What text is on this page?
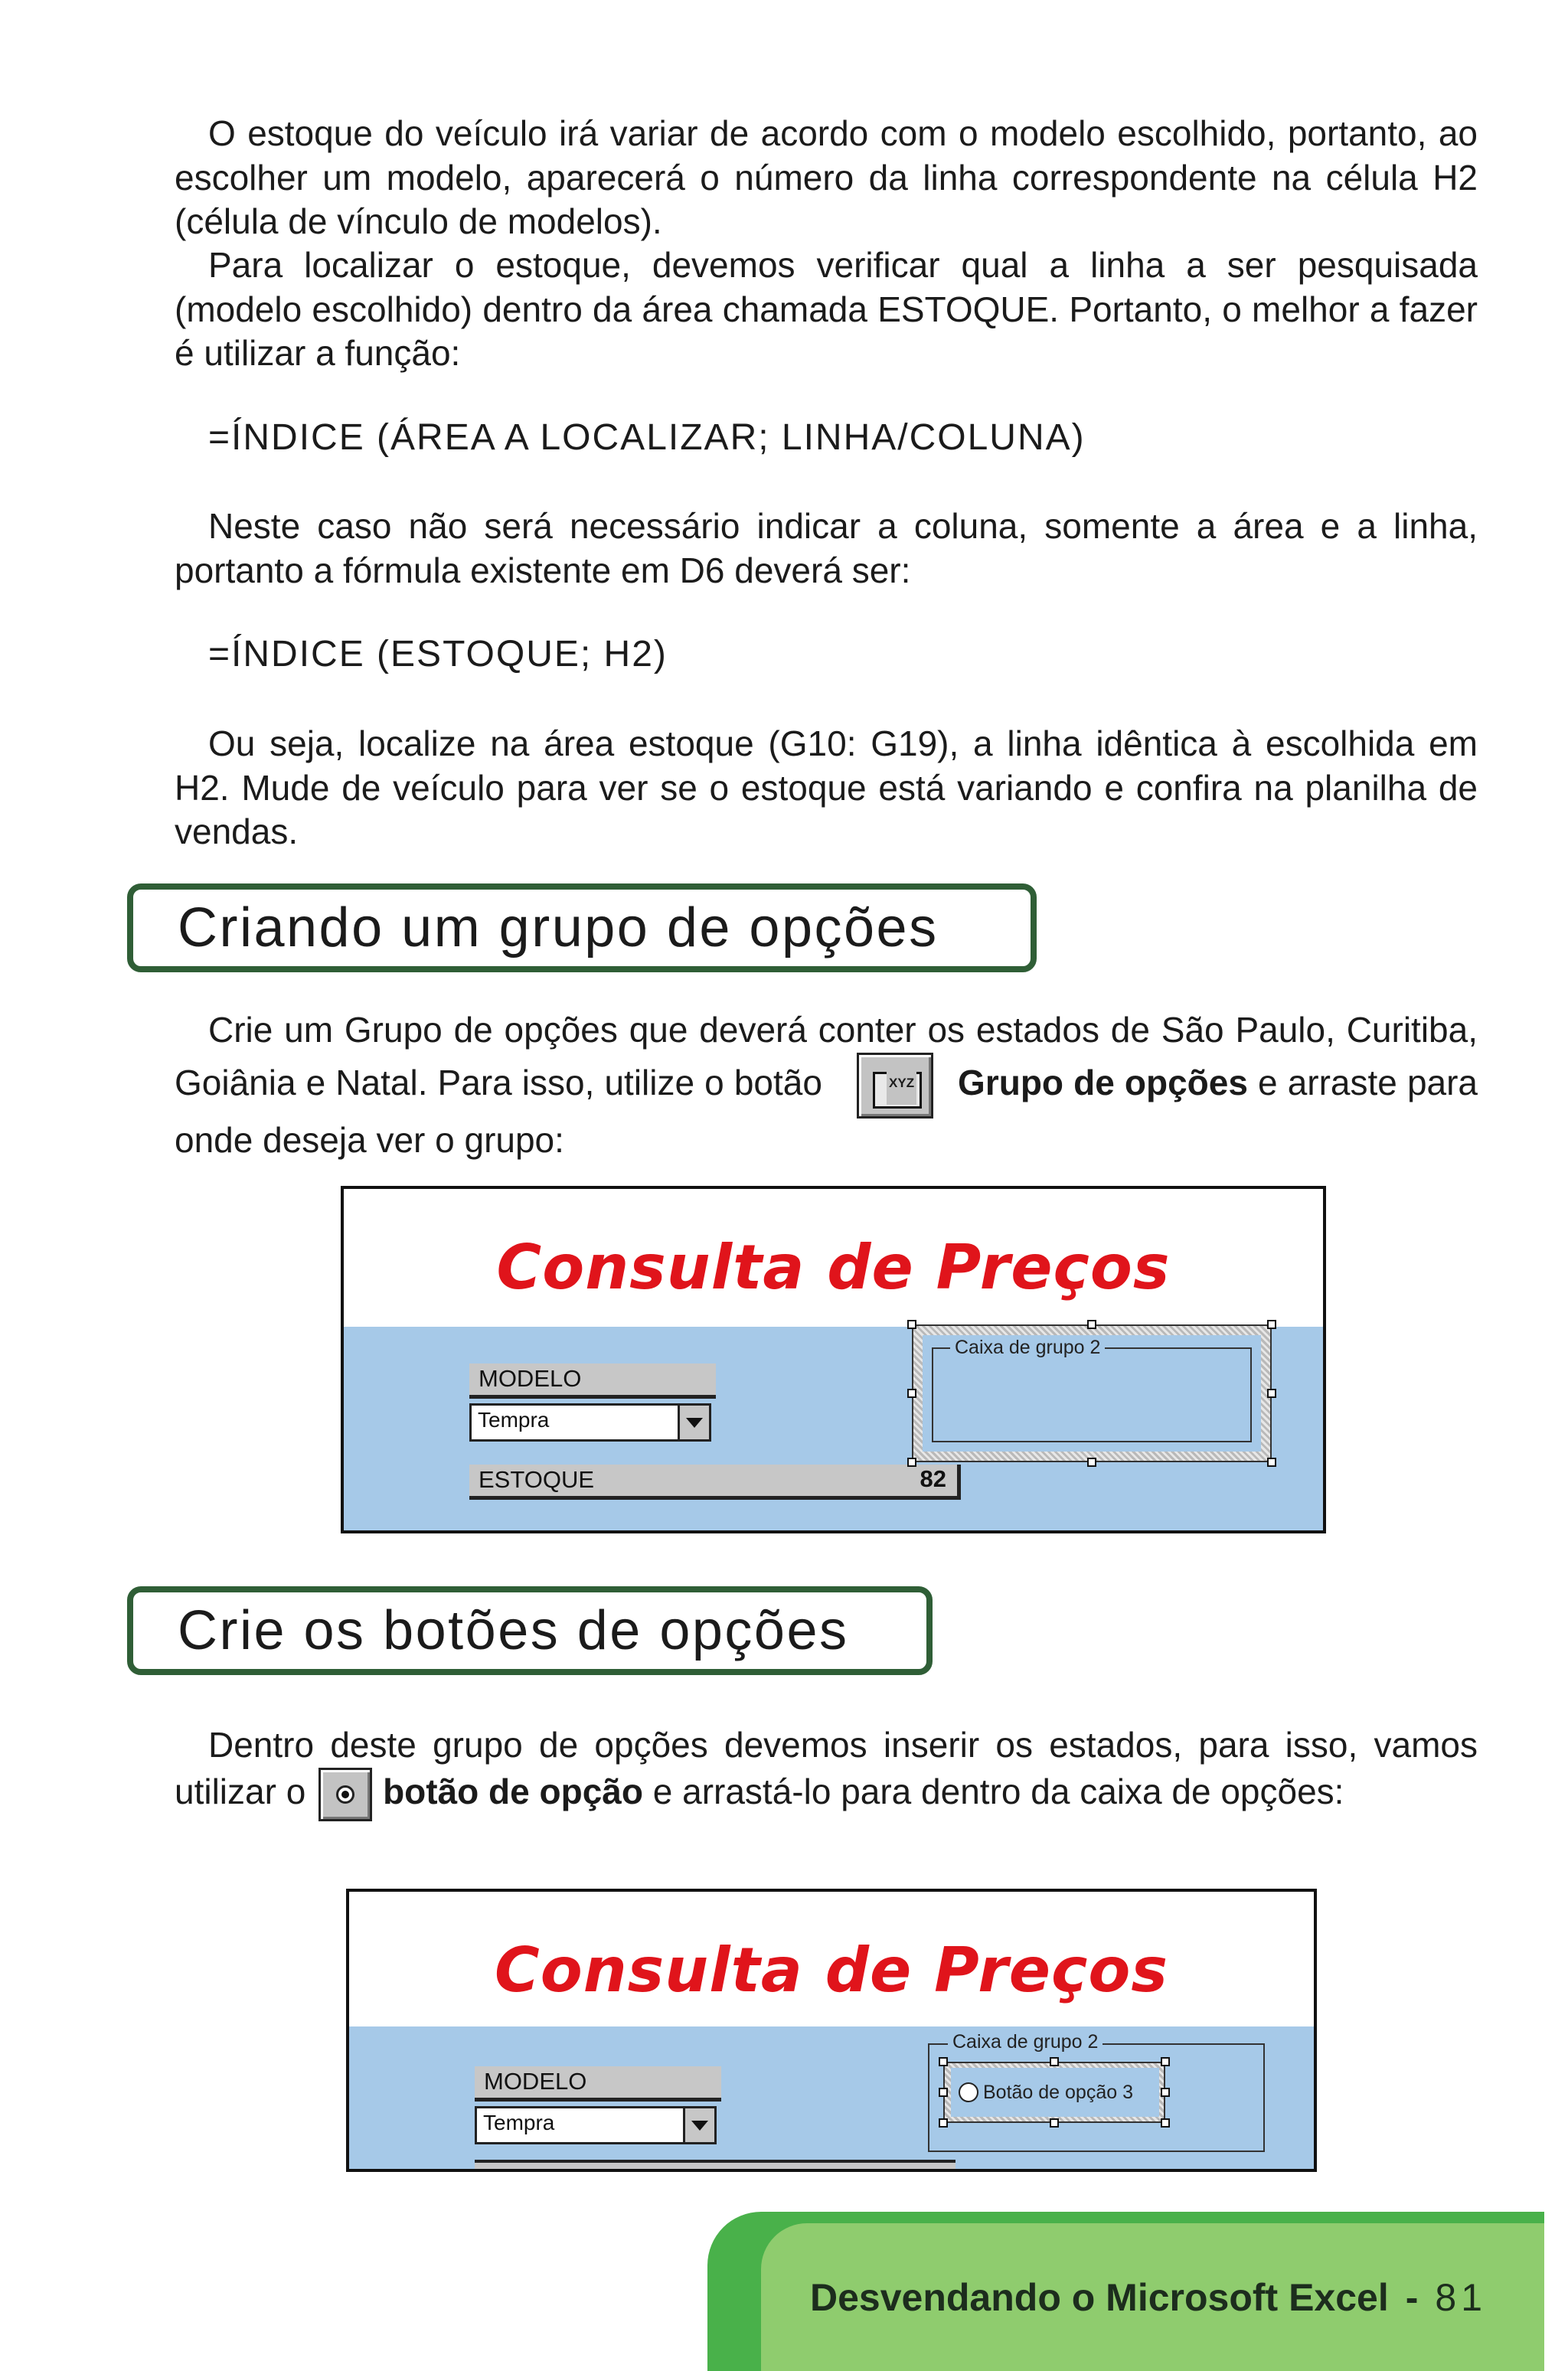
O estoque do veículo irá variar de acordo com o modelo escolhido, portanto, ao escolher um modelo, aparecerá o número da linha correspondente na célula H2 (célula de vínculo de modelos).

Para localizar o estoque, devemos verificar qual a linha a ser pesquisada (modelo escolhido) dentro da área chamada ESTOQUE. Portanto, o melhor a fazer é utilizar a função:

=ÍNDICE (ÁREA A LOCALIZAR; LINHA/COLUNA)

Neste caso não será necessário indicar a coluna, somente a área e a linha, portanto a fórmula existente em D6 deverá ser:

=ÍNDICE (ESTOQUE; H2)

Ou seja, localize na área estoque (G10: G19), a linha idêntica à escolhida em H2. Mude de veículo para ver se o estoque está variando e confira na planilha de vendas.

Criando um grupo de opções

Crie um Grupo de opções que deverá conter os estados de São Paulo, Curitiba, Goiânia e Natal. Para isso, utilize o botão	XYZ Grupo de opções e arraste para onde deseja ver o grupo:

Consulta de Preços
MODELO
Tempra
ESTOQUE	82
Caixa de grupo 2
Crie os botões de opções

Dentro deste grupo de opções devemos inserir os estados, para isso, vamos utilizar o botão de opção e arrastá-lo para dentro da caixa de opções:

Consulta de Preços
MODELO
Tempra
Caixa de grupo 2
Botão de opção 3
Desvendando o Microsoft Excel - 81
